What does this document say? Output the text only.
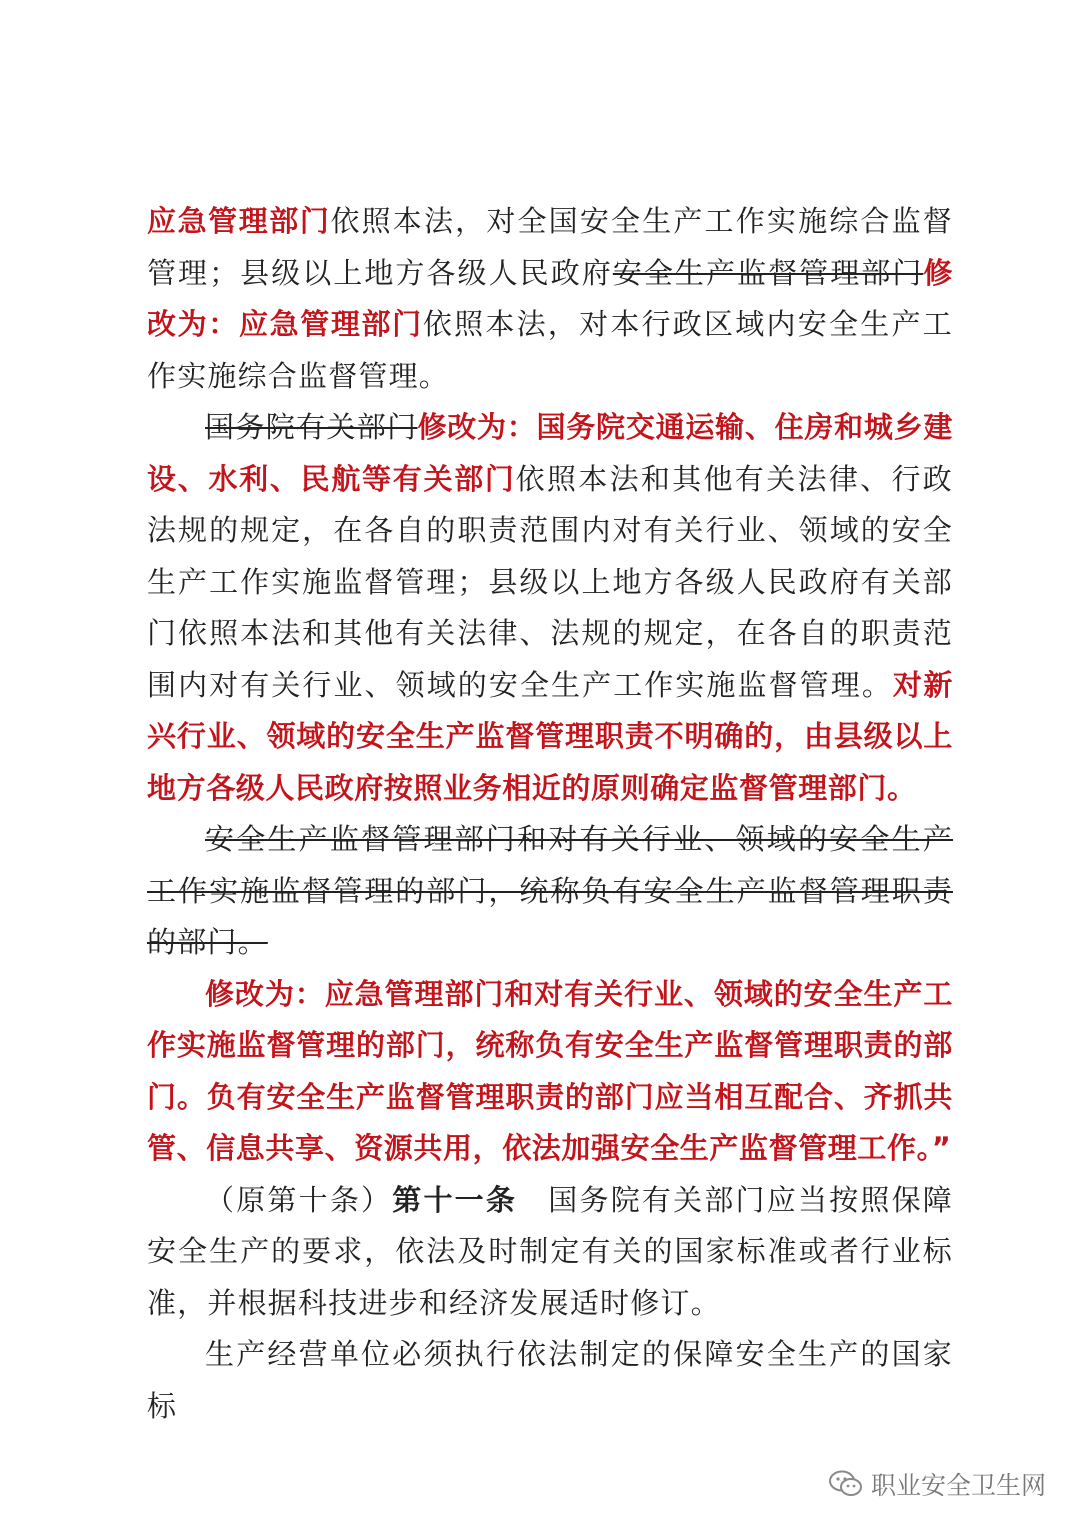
应急管理部门依照本法，对全国安全生产工作实施综合监督管理；县级以上地方各级人民政府安全生产监督管理部门修改为：应急管理部门依照本法，对本行政区域内安全生产工作实施综合监督管理。

国务院有关部门修改为：国务院交通运输、住房和城乡建设、水利、民航等有关部门依照本法和其他有关法律、行政法规的规定，在各自的职责范围内对有关行业、领域的安全生产工作实施监督管理；县级以上地方各级人民政府有关部门依照本法和其他有关法律、法规的规定，在各自的职责范围内对有关行业、领域的安全生产工作实施监督管理。对新兴行业、领域的安全生产监督管理职责不明确的，由县级以上地方各级人民政府按照业务相近的原则确定监督管理部门。

安全生产监督管理部门和对有关行业、领域的安全生产工作实施监督管理的部门，统称负有安全生产监督管理职责的部门。

修改为：应急管理部门和对有关行业、领域的安全生产工作实施监督管理的部门，统称负有安全生产监督管理职责的部门。负有安全生产监督管理职责的部门应当相互配合、齐抓共管、信息共享、资源共用，依法加强安全生产监督管理工作。”

（原第十条）第十一条　国务院有关部门应当按照保障安全生产的要求，依法及时制定有关的国家标准或者行业标准，并根据科技进步和经济发展适时修订。

生产经营单位必须执行依法制定的保障安全生产的国家标

职业安全卫生网
